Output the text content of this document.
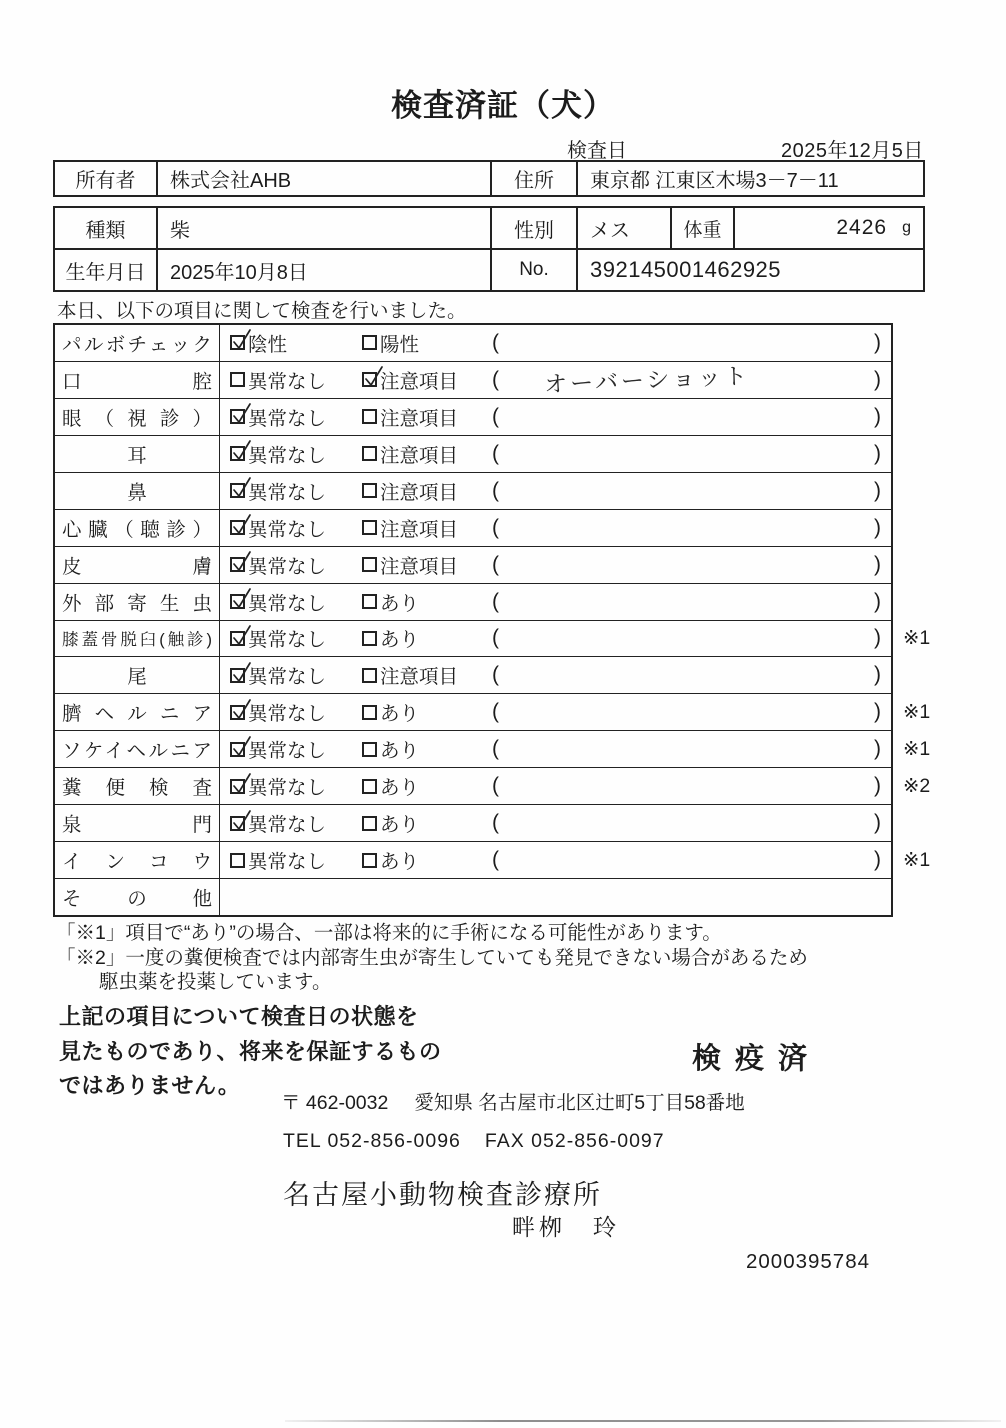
検査済証（犬）
検査日	2025年12月5日
所有者	株式会社AHB	住所	東京都 江東区木場3－7－11
種類	柴	性別	メス	体重	2426 g
生年月日	2025年10月8日	No.	392145001462925
本日、以下の項目に関して検査を行いました。
パルボチェック 陰性	陽性	(	)
口腔 異常なし	注意項目 ( オーバーショット	)
眼（視診） 異常なし	注意項目 (	)
耳	異常なし	注意項目 (	)
鼻	異常なし	注意項目 (	)
心臓（聴診） 異常なし	注意項目 (	)
皮膚 異常なし	注意項目 (	)
外部寄生虫 異常なし	あり	(	)
膝蓋骨脱臼(触診) 異常なし	あり	(	) ※1
尾	異常なし	注意項目 (	)
臍ヘルニア 異常なし	あり	(	) ※1
ソケイヘルニア 異常なし	あり	(	) ※1
糞便検査 異常なし	あり	(	) ※2
泉門 異常なし	あり	(	)
インコウ 異常なし	あり	(	) ※1
その他
「※1」項目で“あり”の場合、一部は将来的に手術になる可能性があります。
「※2」一度の糞便検査では内部寄生虫が寄生していても発見できない場合があるため
駆虫薬を投薬しています。
上記の項目について検査日の状態を
見たものであり、将来を保証するもの
ではありません。
検疫済
〒 462-0032 愛知県 名古屋市北区辻町5丁目58番地
TEL 052-856-0096 FAX 052-856-0097
名古屋小動物検査診療所
畔栁　玲
2000395784
